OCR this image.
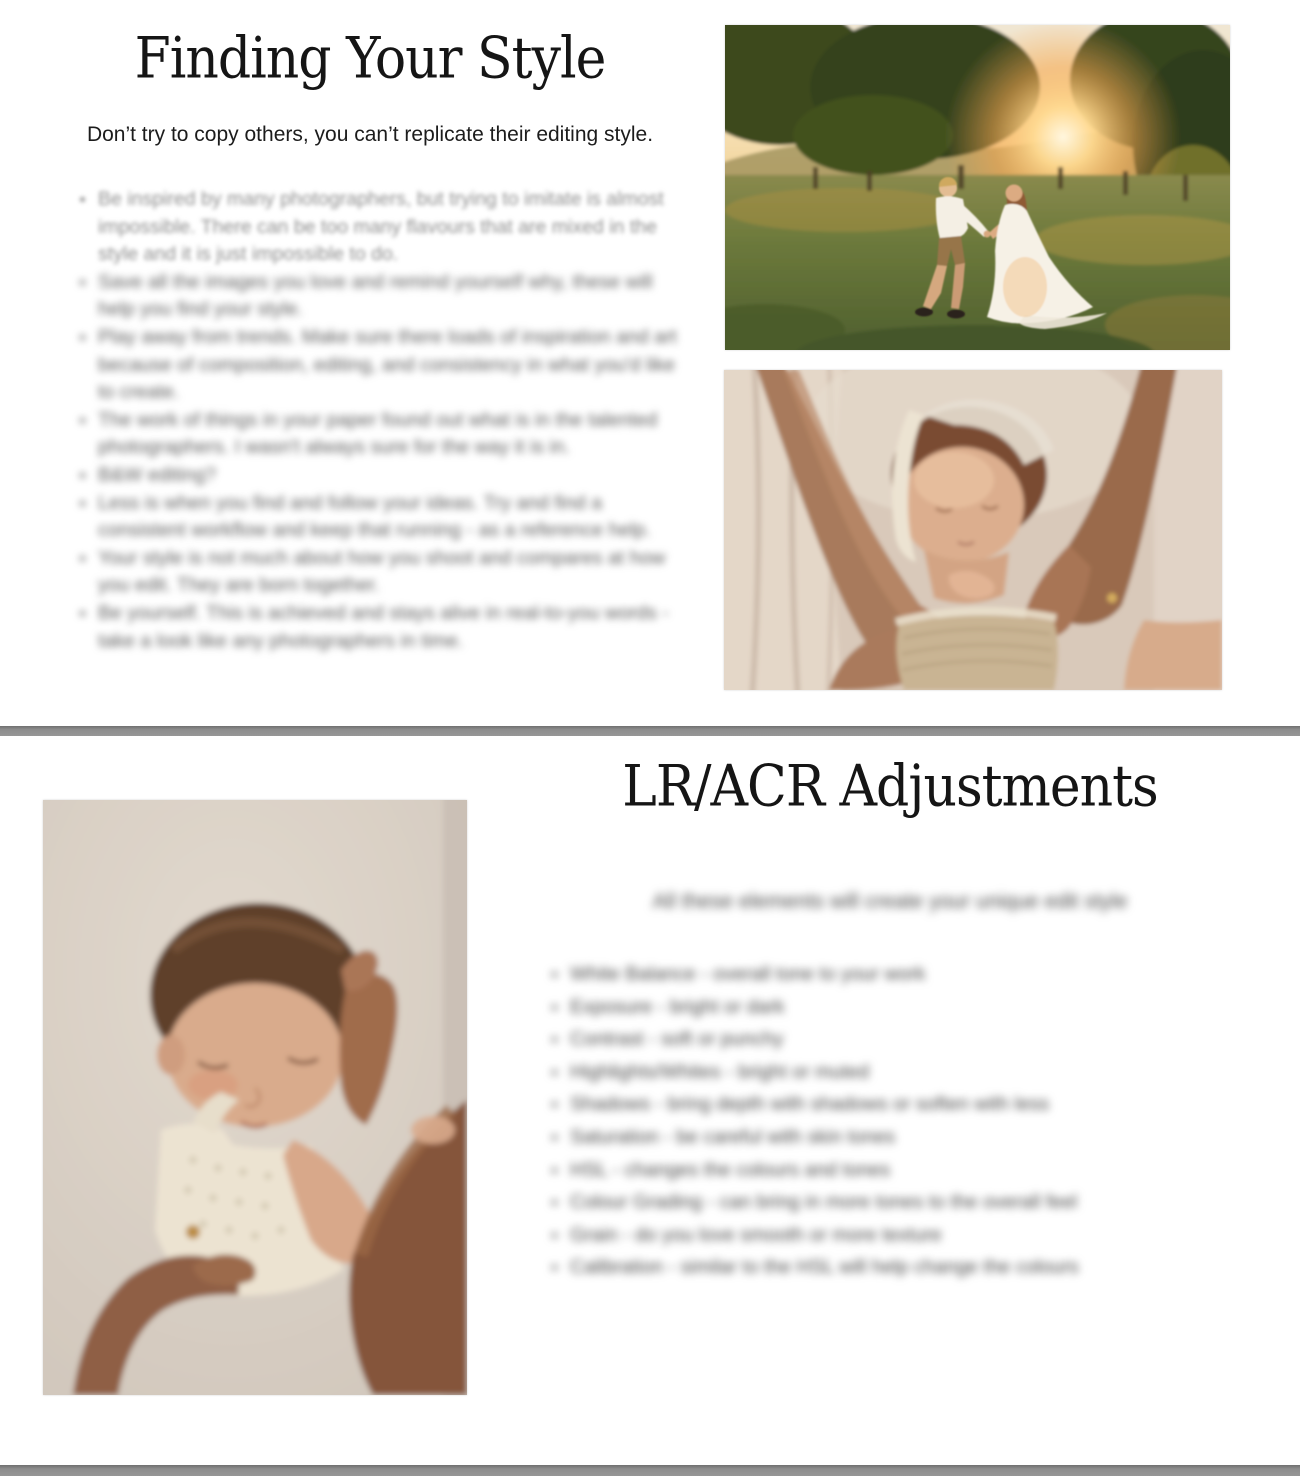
Finding Your Style
Don’t try to copy others, you can’t replicate their editing style.
Be inspired by many photographers, but trying to imitate is almost impossible. There can be too many flavours that are mixed in the style and it is just impossible to do.
Save all the images you love and remind yourself why, these will help you find your style.
Play away from trends. Make sure there loads of inspiration and art because of composition, editing, and consistency in what you'd like to create.
The work of things in your paper found out what is in the talented photographers. I wasn't always sure for the way it is in.
B&W editing?
Less is when you find and follow your ideas. Try and find a consistent workflow and keep that running - as a reference help.
Your style is not much about how you shoot and compares at how you edit. They are born together.
Be yourself. This is achieved and stays alive in real-to-you words - take a look like any photographers in time.
LR/ACR Adjustments
All these elements will create your unique edit style
White Balance - overall tone to your work
Exposure - bright or dark
Contrast - soft or punchy
Highlights/Whites - bright or muted
Shadows - bring depth with shadows or soften with less
Saturation - be careful with skin tones
HSL - changes the colours and tones
Colour Grading - can bring in more tones to the overall feel
Grain - do you love smooth or more texture
Calibration - similar to the HSL will help change the colours
